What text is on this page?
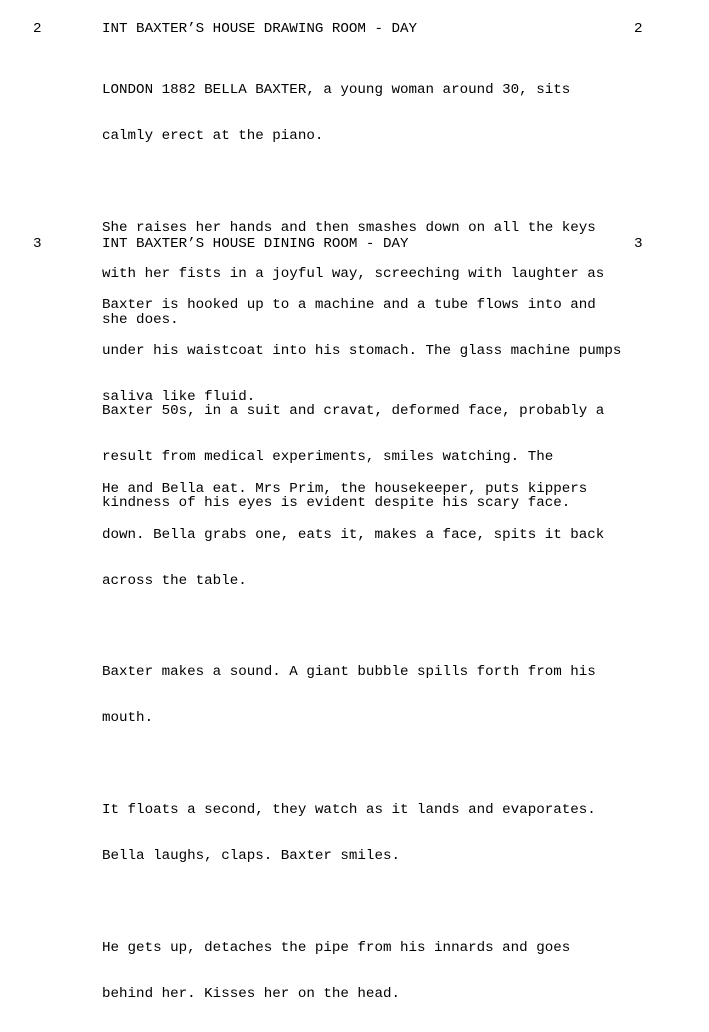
2

	INT BAXTER’S HOUSE DRAWING ROOM - DAY

	2

LONDON 1882 BELLA BAXTER, a young woman around 30, sits

calmly erect at the piano.

She raises her hands and then smashes down on all the keys

with her fists in a joyful way, screeching with laughter as

she does.

Baxter 50s, in a suit and cravat, deformed face, probably a

result from medical experiments, smiles watching. The

kindness of his eyes is evident despite his scary face.

3

	INT BAXTER’S HOUSE DINING ROOM - DAY

	3

Baxter is hooked up to a machine and a tube flows into and

under his waistcoat into his stomach. The glass machine pumps

saliva like fluid.

He and Bella eat. Mrs Prim, the housekeeper, puts kippers

down. Bella grabs one, eats it, makes a face, spits it back

across the table.

Baxter makes a sound. A giant bubble spills forth from his

mouth.

It floats a second, they watch as it lands and evaporates.

Bella laughs, claps. Baxter smiles.

He gets up, detaches the pipe from his innards and goes

behind her. Kisses her on the head.
